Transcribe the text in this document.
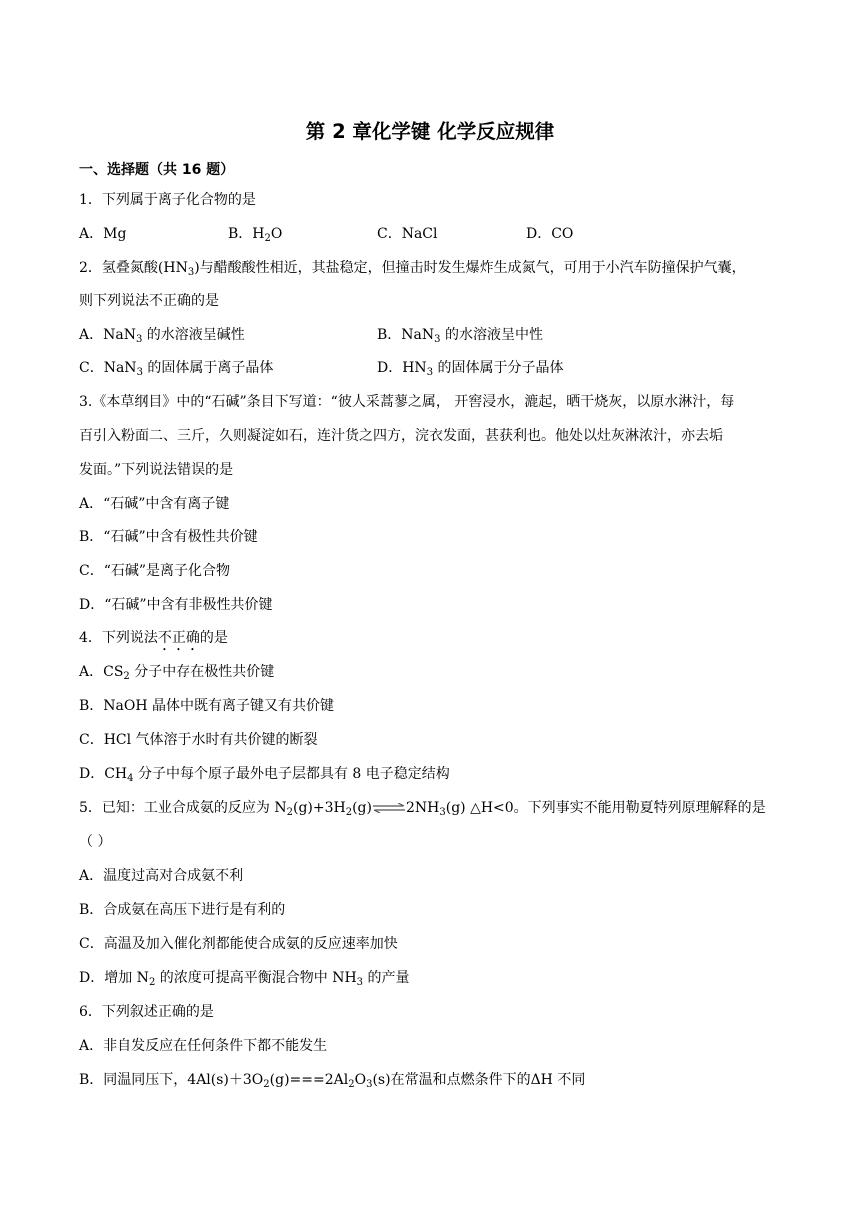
第 2 章化学键 化学反应规律
一、选择题（共 16 题）
1．下列属于离子化合物的是
A．Mg	B．$H_2O$	C．NaCl	D．CO
2．氢叠氮酸$(HN_3)$与醋酸酸性相近，其盐稳定，但撞击时发生爆炸生成氮气，可用于小汽车防撞保护气囊，
则下列说法不正确的是
A．NaN$_3$ 的水溶液呈碱性	B．NaN$_3$ 的水溶液呈中性
C．NaN$_3$ 的固体属于离子晶体	D．$HN_3$ 的固体属于分子晶体
3.《本草纲目》中的“石碱”条目下写道：“彼人采蒿蓼之属， 开窖浸水，漉起，晒干烧灰，以原水淋汁，每
百引入粉面二、三斤，久则凝淀如石，连汁货之四方，浣衣发面，甚获利也。他处以灶灰淋浓汁，亦去垢
发面。”下列说法错误的是
A．“石碱”中含有离子键
B．“石碱”中含有极性共价键
C．“石碱”是离子化合物
D．“石碱”中含有非极性共价键
4．下列说法不正确的是
A．$CS_2$ 分子中存在极性共价键
B．NaOH 晶体中既有离子键又有共价键
C．HCl 气体溶于水时有共价键的断裂
D．$CH_4$ 分子中每个原子最外电子层都具有 8 电子稳定结构
5．已知：工业合成氨的反应为 $N_2(g)+3H_2(g)\rightleftharpoons 2NH_3(g)$ △H<0。下列事实不能用勒夏特列原理解释的是
（ ）
A．温度过高对合成氨不利
B．合成氨在高压下进行是有利的
C．高温及加入催化剂都能使合成氨的反应速率加快
D．增加 $N_2$ 的浓度可提高平衡混合物中 $NH_3$ 的产量
6．下列叙述正确的是
A．非自发反应在任何条件下都不能发生
B．同温同压下，$4Al(s)+3O_2(g)===2Al_2O_3(s)$在常温和点燃条件下的ΔH 不同
